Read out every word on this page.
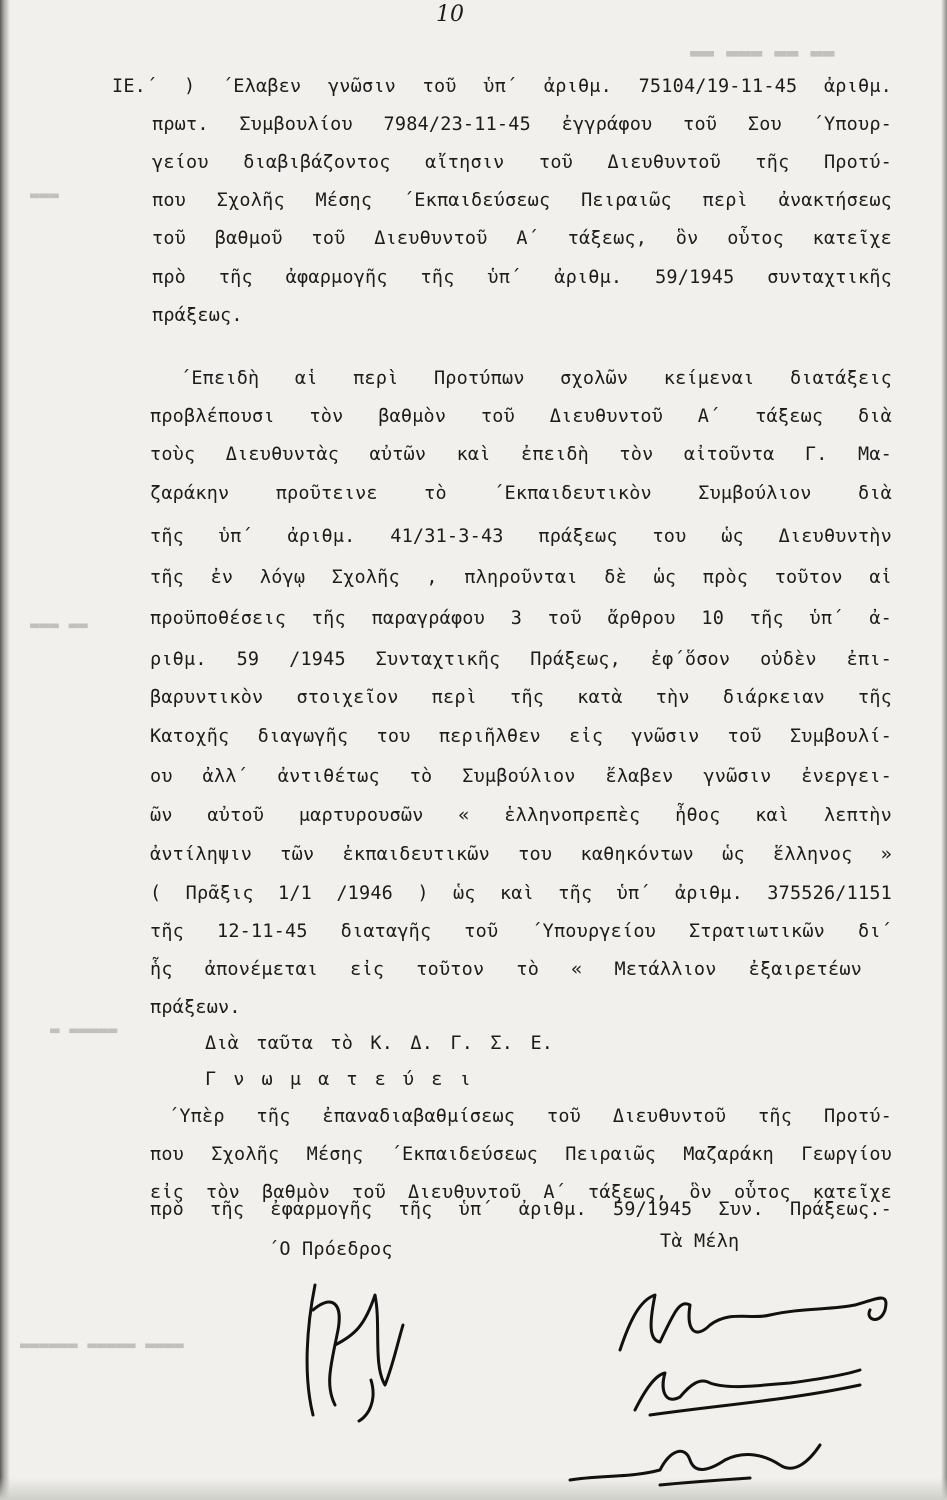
▬▬ ▬▬▬ ▬▬ ▬▬
▬▬▬
▬▬▬ ▬▬
▬ ▬▬▬▬▬
▬▬▬▬▬▬ ▬▬▬▬▬ ▬▬▬▬
10
ΙΕ.΄ ) ΄Ελαβεν γνῶσιν τοῦ ὑπ΄ ἀριθμ. 75104/19-11-45 ἀριθμ.
πρωτ. Συμβουλίου 7984/23-11-45 ἐγγράφου τοῦ Σου ΄Υπουρ-
γείου διαβιβάζοντος αἴτησιν τοῦ Διευθυντοῦ τῆς Προτύ-
που Σχολῆς Μέσης ΄Εκπαιδεύσεως Πειραιῶς περὶ ἀνακτήσεως
τοῦ βαθμοῦ τοῦ Διευθυντοῦ Α΄ τάξεως, ὃν οὗτος κατεῖχε
πρὸ τῆς ἀφαρμογῆς τῆς ὑπ΄ ἀριθμ. 59/1945 συνταχτικῆς
πράξεως.
΄Επειδὴ αἱ περὶ Προτύπων σχολῶν κείμεναι διατάξεις
προβλέπουσι τὸν βαθμὸν τοῦ Διευθυντοῦ Α΄ τάξεως διὰ
τοὺς Διευθυντὰς αὐτῶν καὶ ἐπειδὴ τὸν αἰτοῦντα Γ. Μα-
ζαράκην προῦτεινε τὸ ΄Εκπαιδευτικὸν Συμβούλιον διὰ
τῆς ὑπ΄ ἀριθμ. 41/31-3-43 πράξεως του ὡς Διευθυντὴν
τῆς ἐν λόγῳ Σχολῆς , πληροῦνται δὲ ὡς πρὸς τοῦτον αἱ
προϋποθέσεις τῆς παραγράφου 3 τοῦ ἄρθρου 10 τῆς ὑπ΄ ἀ-
ριθμ. 59 /1945 Συνταχτικῆς Πράξεως, ἐφ΄ὅσον οὐδὲν ἐπι-
βαρυντικὸν στοιχεῖον περὶ τῆς κατὰ τὴν διάρκειαν τῆς
Κατοχῆς διαγωγῆς του περιῆλθεν εἰς γνῶσιν τοῦ Συμβουλί-
ου ἀλλ΄ ἀντιθέτως τὸ Συμβούλιον ἔλαβεν γνῶσιν ἐνεργει-
ῶν αὐτοῦ μαρτυρουσῶν « ἑλληνοπρεπὲς ἦθος καὶ λεπτὴν
ἀντίληψιν τῶν ἐκπαιδευτικῶν του καθηκόντων ὡς ἕλληνος »
( Πρᾶξις 1/1 /1946 ) ὡς καὶ τῆς ὑπ΄ ἀριθμ. 375526/1151
τῆς 12-11-45 διαταγῆς τοῦ ΄Υπουργείου Στρατιωτικῶν δι΄
ἧς ἀπονέμεται εἰς τοῦτον τὸ « Μετάλλιον ἐξαιρετέων
πράξεων.
Διὰ ταῦτα τὸ Κ. Δ. Γ. Σ. Ε.
Γ ν ω μ α τ ε ύ ε ι
΄Υπὲρ τῆς ἐπαναδιαβαθμίσεως τοῦ Διευθυντοῦ τῆς Προτύ-
που Σχολῆς Μέσης ΄Εκπαιδεύσεως Πειραιῶς Μαζαράκη Γεωργίου
εἰς τὸν βαθμὸν τοῦ Διευθυντοῦ Α΄ τάξεως, ὃν οὗτος κατεῖχε
πρὸ τῆς ἐφαρμογῆς τῆς ὑπ΄ ἀριθμ. 59/1945 Συν. Πράξεως.-
΄Ο Πρόεδρος	Τὰ Μέλη
